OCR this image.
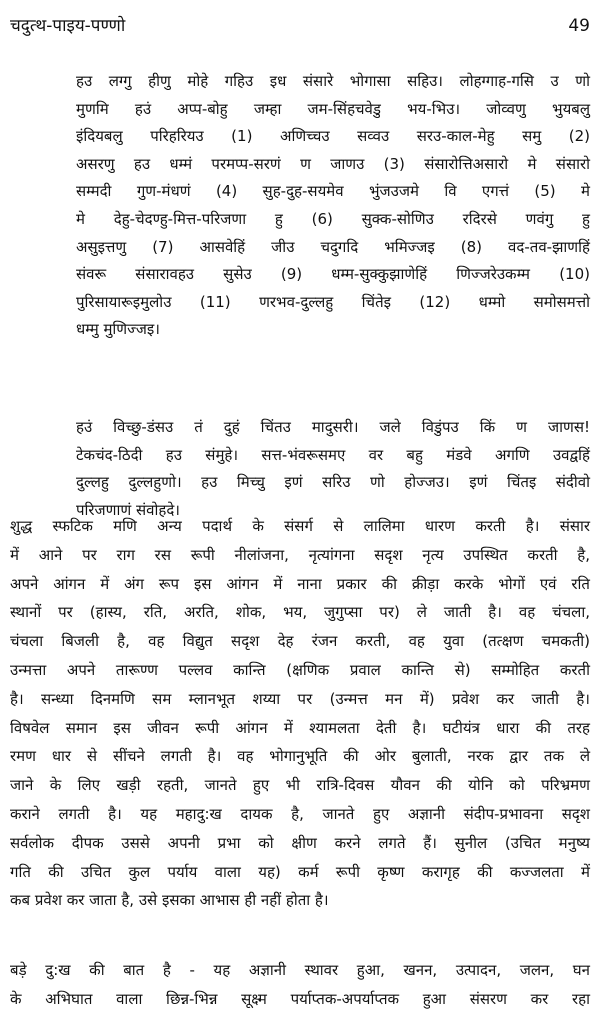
चदुत्थ-पाइय-पण्णो	49
हउ लग्गु हीणु मोहे गहिउ इध संसारे भोगासा सहिउ। लोहग्गाह-गसि उ णो
मुणमि हउं अप्प-बोहु जम्हा जम-सिंहचवेडु भय-भिउ। जोव्वणु भुयबलु
इंदियबलु परिहरियउ (1) अणिच्चउ सव्वउ सरउ-काल-मेहु समु (2)
असरणु हउ धम्मं परमप्प-सरणं ण जाणउ (3) संसारोत्तिअसारो मे संसारो
सम्मदी गुण-मंधणं (4) सुह-दुह-सयमेव भुंजउजमे वि एगत्तं (5) मे
मे देहु-चेदण्हु-मित्त-परिजणा हु (6) सुक्क-सोणिउ रदिरसे णवंगु हु
असुइत्तणु (7) आसवेहिं जीउ चदुगदि भमिज्जइ (8) वद-तव-झाणहिं
संवरू संसारावहउ सुसेउ (9) धम्म-सुक्कुझाणेहिं णिज्जरेउकम्म (10)
पुरिसायारूइमुलोउ (11) णरभव-दुल्लहु चिंतेइ (12) धम्मो समोसमत्तो
धम्मु मुणिज्जइ।
हउं विच्छु-डंसउ तं दुहं चिंतउ मादुसरी। जले विडुंपउ किं ण जाणस!
टेकचंद-ठिदी हउ संमुहे। सत्त-भंवरूसमए वर बहु मंडवे अगणि उवद्वहिं
दुल्लहु दुल्लहुणो। हउ मिच्चु इणं सरिउ णो होज्जउ। इणं चिंतइ संदीवो
परिजणाणं संवोहदे।
शुद्ध स्फटिक मणि अन्य पदार्थ के संसर्ग से लालिमा धारण करती है। संसार
में आने पर राग रस रूपी नीलांजना, नृत्यांगना सदृश नृत्य उपस्थित करती है,
अपने आंगन में अंग रूप इस आंगन में नाना प्रकार की क्रीड़ा करके भोगों एवं रति
स्थानों पर (हास्य, रति, अरति, शोक, भय, जुगुप्सा पर) ले जाती है। वह चंचला,
चंचला बिजली है, वह विद्युत सदृश देह रंजन करती, वह युवा (तत्क्षण चमकती)
उन्मत्ता अपने तारूण्ण पल्लव कान्ति (क्षणिक प्रवाल कान्ति से) सम्मोहित करती
है। सन्ध्या दिनमणि सम म्लानभूत शय्या पर (उन्मत्त मन में) प्रवेश कर जाती है।
विषवेल समान इस जीवन रूपी आंगन में श्यामलता देती है। घटीयंत्र धारा की तरह
रमण धार से सींचने लगती है। वह भोगानुभूति की ओर बुलाती, नरक द्वार तक ले
जाने के लिए खड़ी रहती, जानते हुए भी रात्रि-दिवस यौवन की योनि को परिभ्रमण
कराने लगती है। यह महादु:ख दायक है, जानते हुए अज्ञानी संदीप-प्रभावना सदृश
सर्वलोक दीपक उससे अपनी प्रभा को क्षीण करने लगते हैं। सुनील (उचित मनुष्य
गति की उचित कुल पर्याय वाला यह) कर्म रूपी कृष्ण करागृह की कज्जलता में
कब प्रवेश कर जाता है, उसे इसका आभास ही नहीं होता है।
बड़े दु:ख की बात है - यह अज्ञानी स्थावर हुआ, खनन, उत्पादन, जलन, घन
के अभिघात वाला छिन्न-भिन्न सूक्ष्म पर्याप्तक-अपर्याप्तक हुआ संसरण कर रहा
